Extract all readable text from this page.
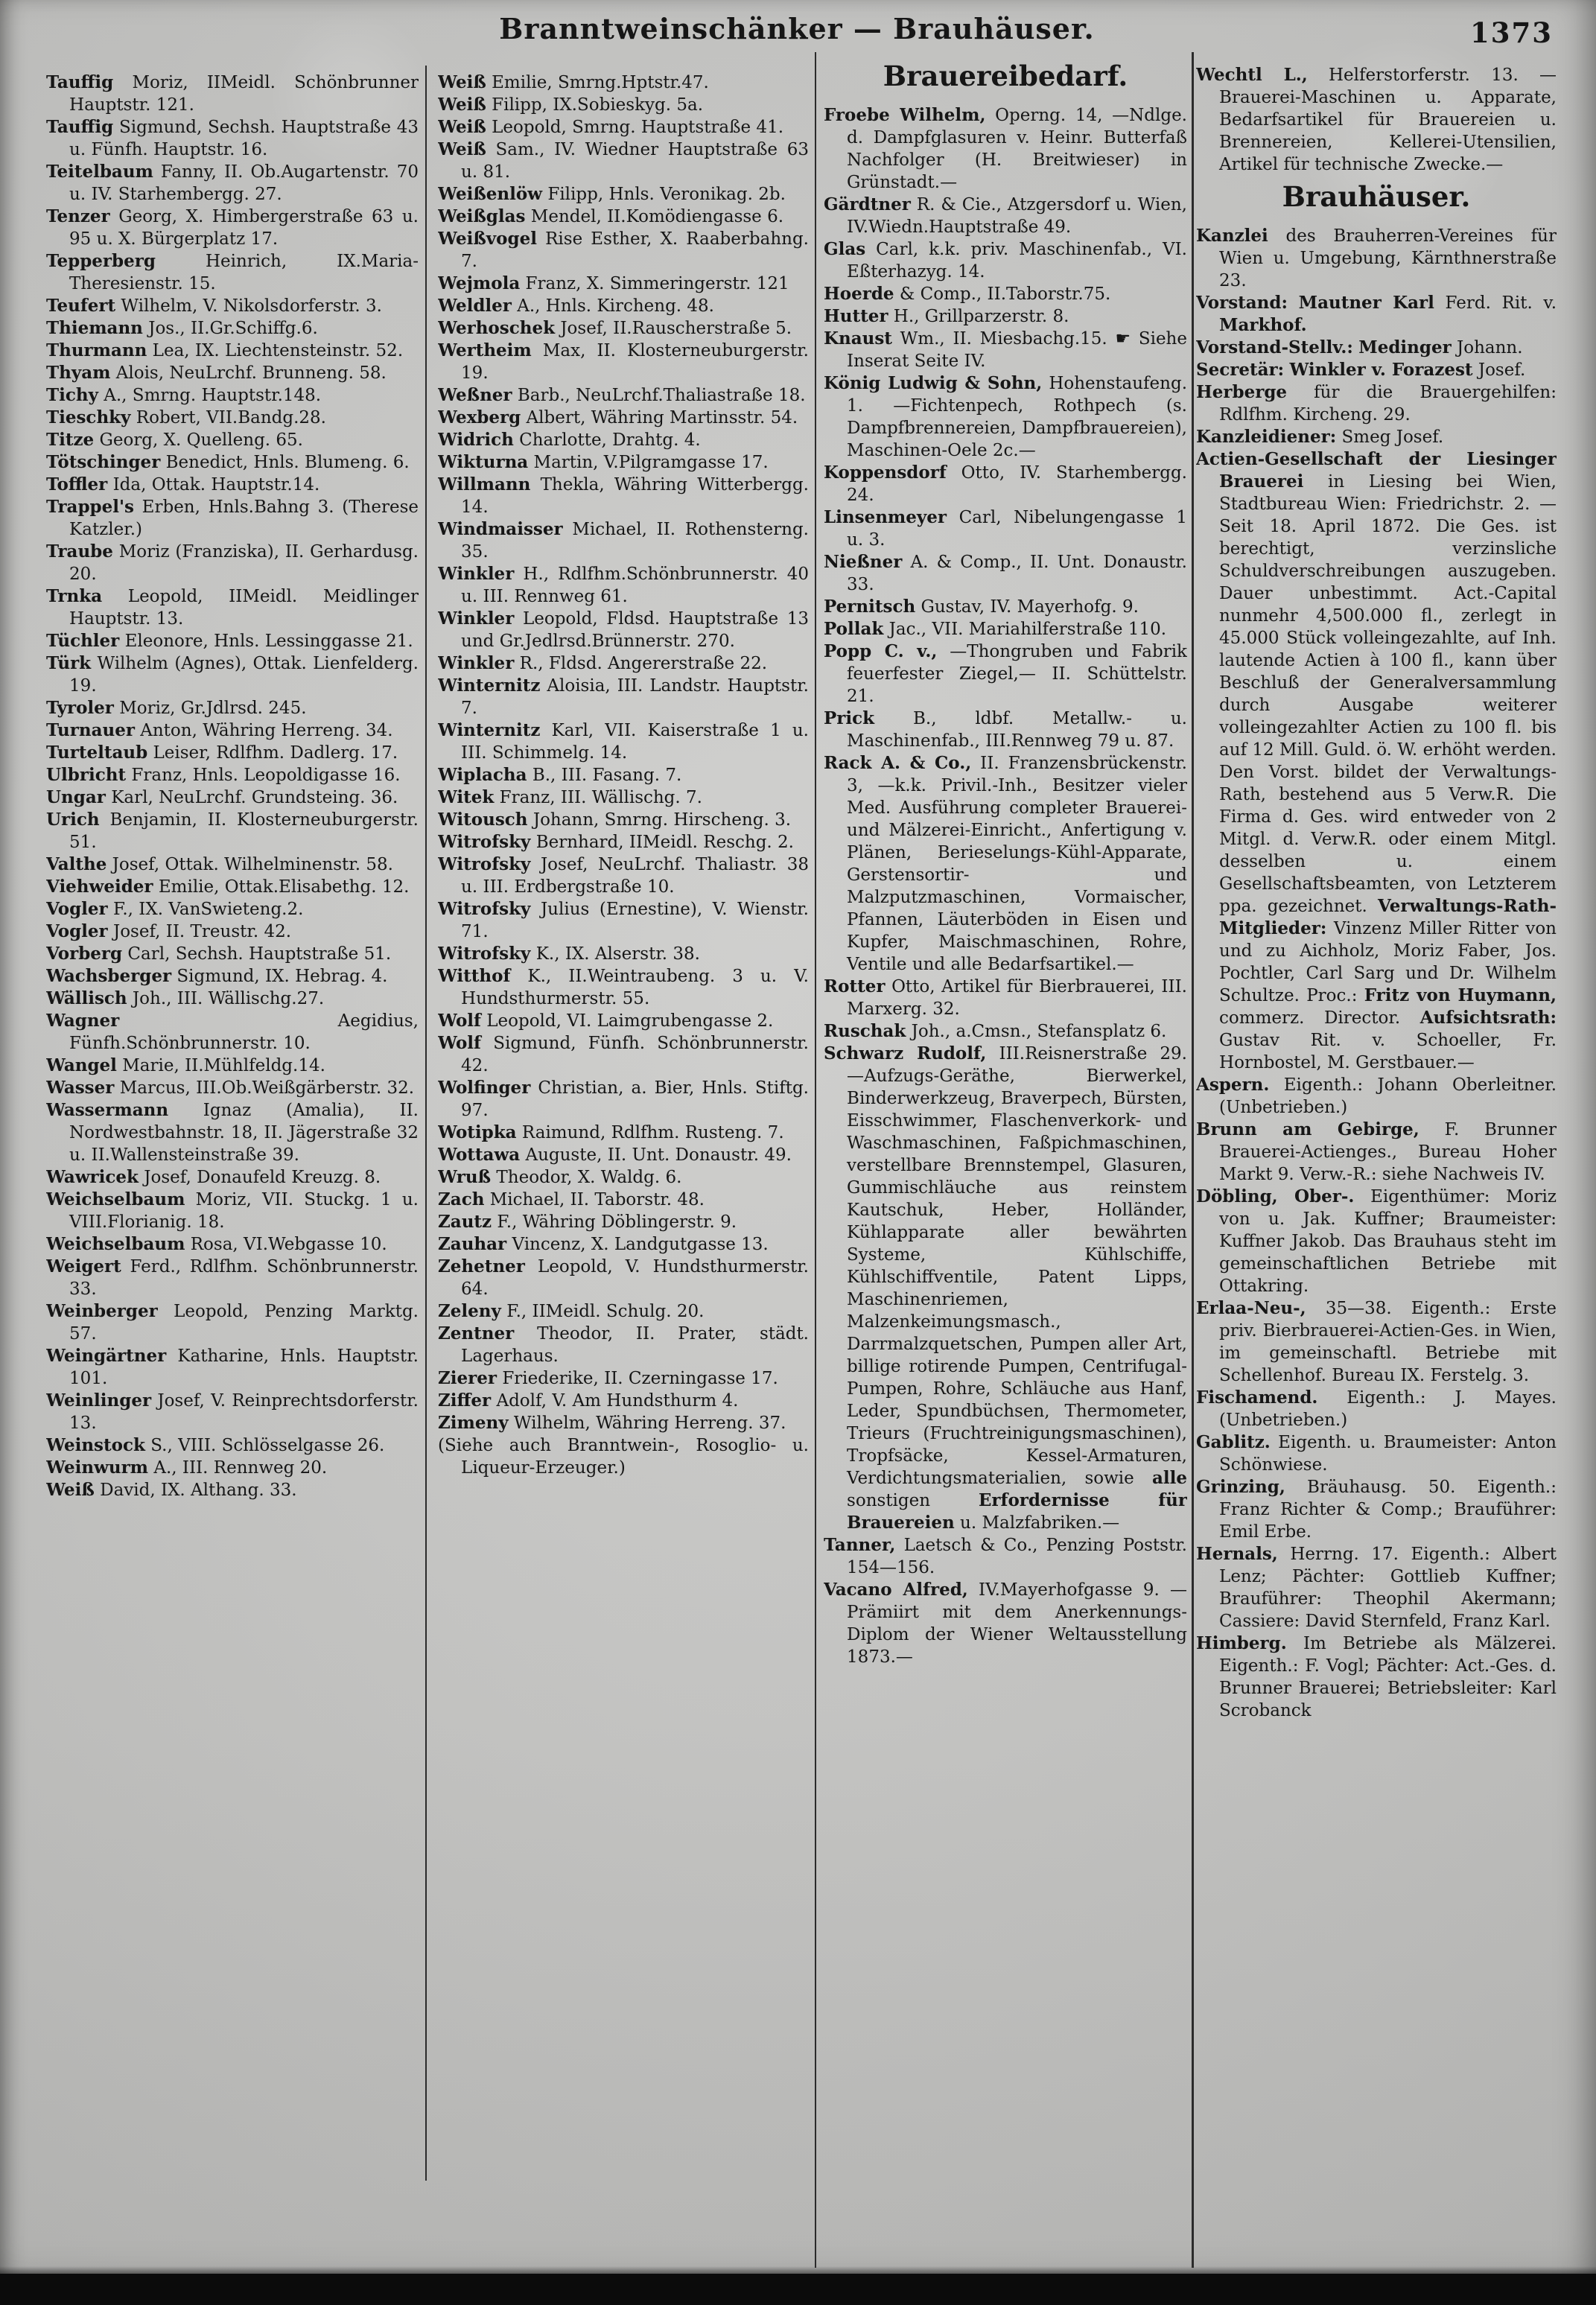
Branntweinschänker — Brauhäuser.	1373

Tauffig Moriz, IIMeidl. Schönbrunner Hauptstr. 121.

Tauffig Sigmund, Sechsh. Hauptstraße 43 u. Fünfh. Hauptstr. 16.

Teitelbaum Fanny, II. Ob.Augartenstr. 70 u. IV. Starhembergg. 27.

Tenzer Georg, X. Himbergerstraße 63 u. 95 u. X. Bürgerplatz 17.

Tepperberg Heinrich, IX.Maria-Theresienstr. 15.

Teufert Wilhelm, V. Nikolsdorferstr. 3.

Thiemann Jos., II.Gr.Schiffg.6.

Thurmann Lea, IX. Liechtensteinstr. 52.

Thyam Alois, NeuLrchf. Brunneng. 58.

Tichy A., Smrng. Hauptstr.148.

Tieschky Robert, VII.Bandg.28.

Titze Georg, X. Quelleng. 65.

Tötschinger Benedict, Hnls. Blumeng. 6.

Toffler Ida, Ottak. Hauptstr.14.

Trappel's Erben, Hnls.Bahng 3. (Therese Katzler.)

Traube Moriz (Franziska), II. Gerhardusg. 20.

Trnka Leopold, IIMeidl. Meidlinger Hauptstr. 13.

Tüchler Eleonore, Hnls. Lessinggasse 21.

Türk Wilhelm (Agnes), Ottak. Lienfelderg. 19.

Tyroler Moriz, Gr.Jdlrsd. 245.

Turnauer Anton, Währing Herreng. 34.

Turteltaub Leiser, Rdlfhm. Dadlerg. 17.

Ulbricht Franz, Hnls. Leopoldigasse 16.

Ungar Karl, NeuLrchf. Grundsteing. 36.

Urich Benjamin, II. Klosterneuburgerstr. 51.

Valthe Josef, Ottak. Wilhelminenstr. 58.

Viehweider Emilie, Ottak.Elisabethg. 12.

Vogler F., IX. VanSwieteng.2.

Vogler Josef, II. Treustr. 42.

Vorberg Carl, Sechsh. Hauptstraße 51.

Wachsberger Sigmund, IX. Hebrag. 4.

Wällisch Joh., III. Wällischg.27.

Wagner Aegidius, Fünfh.Schönbrunnerstr. 10.

Wangel Marie, II.Mühlfeldg.14.

Wasser Marcus, III.Ob.Weißgärberstr. 32.

Wassermann Ignaz (Amalia), II. Nordwestbahnstr. 18, II. Jägerstraße 32 u. II.Wallensteinstraße 39.

Wawricek Josef, Donaufeld Kreuzg. 8.

Weichselbaum Moriz, VII. Stuckg. 1 u. VIII.Florianig. 18.

Weichselbaum Rosa, VI.Webgasse 10.

Weigert Ferd., Rdlfhm. Schönbrunnerstr. 33.

Weinberger Leopold, Penzing Marktg. 57.

Weingärtner Katharine, Hnls. Hauptstr. 101.

Weinlinger Josef, V. Reinprechtsdorferstr. 13.

Weinstock S., VIII. Schlösselgasse 26.

Weinwurm A., III. Rennweg 20.

Weiß David, IX. Althang. 33.

Weiß Emilie, Smrng.Hptstr.47.

Weiß Filipp, IX.Sobieskyg. 5a.

Weiß Leopold, Smrng. Hauptstraße 41.

Weiß Sam., IV. Wiedner Hauptstraße 63 u. 81.

Weißenlöw Filipp, Hnls. Veronikag. 2b.

Weißglas Mendel, II.Komödiengasse 6.

Weißvogel Rise Esther, X. Raaberbahng. 7.

Wejmola Franz, X. Simmeringerstr. 121

Weldler A., Hnls. Kircheng. 48.

Werhoschek Josef, II.Rauscherstraße 5.

Wertheim Max, II. Klosterneuburgerstr. 19.

Weßner Barb., NeuLrchf.Thaliastraße 18.

Wexberg Albert, Währing Martinsstr. 54.

Widrich Charlotte, Drahtg. 4.

Wikturna Martin, V.Pilgramgasse 17.

Willmann Thekla, Währing Witterbergg. 14.

Windmaisser Michael, II. Rothensterng. 35.

Winkler H., Rdlfhm.Schönbrunnerstr. 40 u. III. Rennweg 61.

Winkler Leopold, Fldsd. Hauptstraße 13 und Gr.Jedlrsd.Brünnerstr. 270.

Winkler R., Fldsd. Angererstraße 22.

Winternitz Aloisia, III. Landstr. Hauptstr. 7.

Winternitz Karl, VII. Kaiserstraße 1 u. III. Schimmelg. 14.

Wiplacha B., III. Fasang. 7.

Witek Franz, III. Wällischg. 7.

Witousch Johann, Smrng. Hirscheng. 3.

Witrofsky Bernhard, IIMeidl. Reschg. 2.

Witrofsky Josef, NeuLrchf. Thaliastr. 38 u. III. Erdbergstraße 10.

Witrofsky Julius (Ernestine), V. Wienstr. 71.

Witrofsky K., IX. Alserstr. 38.

Witthof K., II.Weintraubeng. 3 u. V. Hundsthurmerstr. 55.

Wolf Leopold, VI. Laimgrubengasse 2.

Wolf Sigmund, Fünfh. Schönbrunnerstr. 42.

Wolfinger Christian, a. Bier, Hnls. Stiftg. 97.

Wotipka Raimund, Rdlfhm. Rusteng. 7.

Wottawa Auguste, II. Unt. Donaustr. 49.

Wruß Theodor, X. Waldg. 6.

Zach Michael, II. Taborstr. 48.

Zautz F., Währing Döblingerstr. 9.

Zauhar Vincenz, X. Landgutgasse 13.

Zehetner Leopold, V. Hundsthurmerstr. 64.

Zeleny F., IIMeidl. Schulg. 20.

Zentner Theodor, II. Prater, städt. Lagerhaus.

Zierer Friederike, II. Czerningasse 17.

Ziffer Adolf, V. Am Hundsthurm 4.

Zimeny Wilhelm, Währing Herreng. 37.

(Siehe auch Branntwein-, Rosoglio- u. Liqueur-Erzeuger.)

Brauereibedarf.

Froebe Wilhelm, Operng. 14, —Ndlge. d. Dampfglasuren v. Heinr. Butterfaß Nachfolger (H. Breitwieser) in Grünstadt.—

Gärdtner R. & Cie., Atzgersdorf u. Wien, IV.Wiedn.Hauptstraße 49.

Glas Carl, k.k. priv. Maschinenfab., VI. Eßterhazyg. 14.

Hoerde & Comp., II.Taborstr.75.

Hutter H., Grillparzerstr. 8.

Knaust Wm., II. Miesbachg.15. ☛ Siehe Inserat Seite IV.

König Ludwig & Sohn, Hohenstaufeng. 1. —Fichtenpech, Rothpech (s. Dampfbrennereien, Dampfbrauereien), Maschinen-Oele 2c.—

Koppensdorf Otto, IV. Starhembergg. 24.

Linsenmeyer Carl, Nibelungengasse 1 u. 3.

Nießner A. & Comp., II. Unt. Donaustr. 33.

Pernitsch Gustav, IV. Mayerhofg. 9.

Pollak Jac., VII. Mariahilferstraße 110.

Popp C. v., —Thongruben und Fabrik feuerfester Ziegel,— II. Schüttelstr. 21.

Prick B., ldbf. Metallw.- u. Maschinenfab., III.Rennweg 79 u. 87.

Rack A. & Co., II. Franzensbrückenstr. 3, —k.k. Privil.-Inh., Besitzer vieler Med. Ausführung completer Brauerei- und Mälzerei-Einricht., Anfertigung v. Plänen, Berieselungs-Kühl-Apparate, Gerstensortir- und Malzputzmaschinen, Vormaischer, Pfannen, Läuterböden in Eisen und Kupfer, Maischmaschinen, Rohre, Ventile und alle Bedarfsartikel.—

Rotter Otto, Artikel für Bierbrauerei, III. Marxerg. 32.

Ruschak Joh., a.Cmsn., Stefansplatz 6.

Schwarz Rudolf, III.Reisnerstraße 29. —Aufzugs-Geräthe, Bierwerkel, Binderwerkzeug, Braverpech, Bürsten, Eisschwimmer, Flaschenverkork- und Waschmaschinen, Faßpichmaschinen, verstellbare Brennstempel, Glasuren, Gummischläuche aus reinstem Kautschuk, Heber, Holländer, Kühlapparate aller bewährten Systeme, Kühlschiffe, Kühlschiffventile, Patent Lipps, Maschinenriemen, Malzenkeimungsmasch., Darrmalzquetschen, Pumpen aller Art, billige rotirende Pumpen, Centrifugal-Pumpen, Rohre, Schläuche aus Hanf, Leder, Spundbüchsen, Thermometer, Trieurs (Fruchtreinigungsmaschinen), Tropfsäcke, Kessel-Armaturen, Verdichtungsmaterialien, sowie alle sonstigen Erfordernisse für Brauereien u. Malzfabriken.—

Tanner, Laetsch & Co., Penzing Poststr. 154—156.

Vacano Alfred, IV.Mayerhofgasse 9. —Prämiirt mit dem Anerkennungs-Diplom der Wiener Weltausstellung 1873.—

Wechtl L., Helferstorferstr. 13. —Brauerei-Maschinen u. Apparate, Bedarfsartikel für Brauereien u. Brennereien, Kellerei-Utensilien, Artikel für technische Zwecke.—

Brauhäuser.

Kanzlei des Brauherren-Vereines für Wien u. Umgebung, Kärnthnerstraße 23.

Vorstand: Mautner Karl Ferd. Rit. v. Markhof.

Vorstand-Stellv.: Medinger Johann.

Secretär: Winkler v. Forazest Josef.

Herberge für die Brauergehilfen: Rdlfhm. Kircheng. 29.

Kanzleidiener: Smeg Josef.

Actien-Gesellschaft der Liesinger Brauerei in Liesing bei Wien, Stadtbureau Wien: Friedrichstr. 2. — Seit 18. April 1872. Die Ges. ist berechtigt, verzinsliche Schuldverschreibungen auszugeben. Dauer unbestimmt. Act.-Capital nunmehr 4,500.000 fl., zerlegt in 45.000 Stück volleingezahlte, auf Inh. lautende Actien à 100 fl., kann über Beschluß der Generalversammlung durch Ausgabe weiterer volleingezahlter Actien zu 100 fl. bis auf 12 Mill. Guld. ö. W. erhöht werden. Den Vorst. bildet der Verwaltungs-Rath, bestehend aus 5 Verw.R. Die Firma d. Ges. wird entweder von 2 Mitgl. d. Verw.R. oder einem Mitgl. desselben u. einem Gesellschaftsbeamten, von Letzterem ppa. gezeichnet. Verwaltungs-Rath-Mitglieder: Vinzenz Miller Ritter von und zu Aichholz, Moriz Faber, Jos. Pochtler, Carl Sarg und Dr. Wilhelm Schultze. Proc.: Fritz von Huymann, commerz. Director. Aufsichtsrath: Gustav Rit. v. Schoeller, Fr. Hornbostel, M. Gerstbauer.—

Aspern. Eigenth.: Johann Oberleitner. (Unbetrieben.)

Brunn am Gebirge, F. Brunner Brauerei-Actienges., Bureau Hoher Markt 9. Verw.-R.: siehe Nachweis IV.

Döbling, Ober-. Eigenthümer: Moriz von u. Jak. Kuffner; Braumeister: Kuffner Jakob. Das Brauhaus steht im gemeinschaftlichen Betriebe mit Ottakring.

Erlaa-Neu-, 35—38. Eigenth.: Erste priv. Bierbrauerei-Actien-Ges. in Wien, im gemeinschaftl. Betriebe mit Schellenhof. Bureau IX. Ferstelg. 3.

Fischamend. Eigenth.: J. Mayes. (Unbetrieben.)

Gablitz. Eigenth. u. Braumeister: Anton Schönwiese.

Grinzing, Bräuhausg. 50. Eigenth.: Franz Richter & Comp.; Brauführer: Emil Erbe.

Hernals, Herrng. 17. Eigenth.: Albert Lenz; Pächter: Gottlieb Kuffner; Brauführer: Theophil Akermann; Cassiere: David Sternfeld, Franz Karl.

Himberg. Im Betriebe als Mälzerei. Eigenth.: F. Vogl; Pächter: Act.-Ges. d. Brunner Brauerei; Betriebsleiter: Karl Scrobanck
